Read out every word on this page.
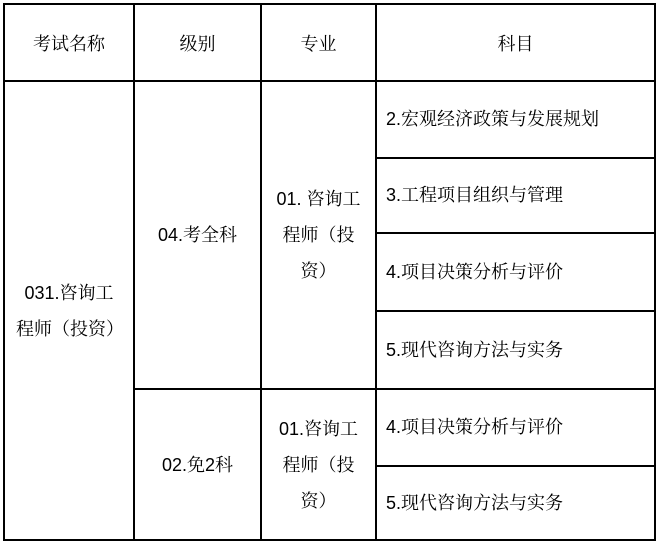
考试名称	级别	专业	科目
031.咨询工程师（投资）	04.考全科	01. 咨询工程师（投资）	2.宏观经济政策与发展规划
			3.工程项目组织与管理
			4.项目决策分析与评价
			5.现代咨询方法与实务
	02.免2科	01.咨询工程师（投资）	4.项目决策分析与评价
			5.现代咨询方法与实务
